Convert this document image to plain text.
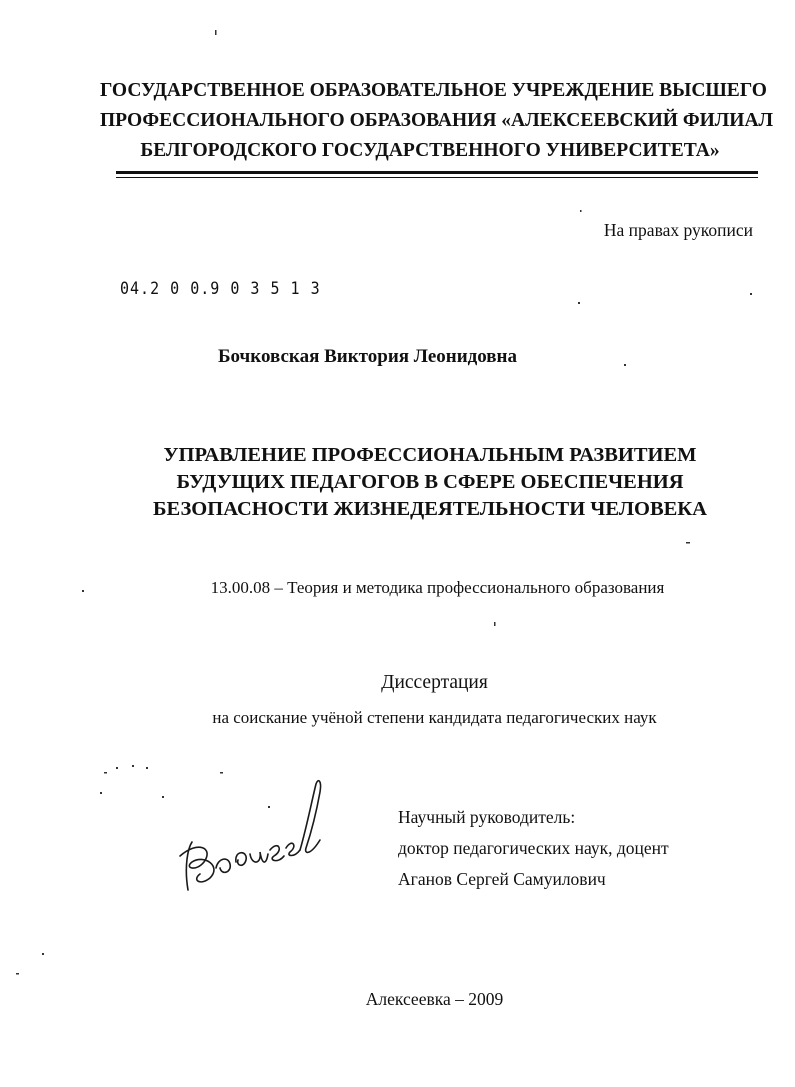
ГОСУДАРСТВЕННОЕ ОБРАЗОВАТЕЛЬНОЕ УЧРЕЖДЕНИЕ ВЫСШЕГО
ПРОФЕССИОНАЛЬНОГО ОБРАЗОВАНИЯ «АЛЕКСЕЕВСКИЙ ФИЛИАЛ
БЕЛГОРОДСКОГО ГОСУДАРСТВЕННОГО УНИВЕРСИТЕТА»
На правах рукописи
04.2 0 0.9 0 3 5 1 3
Бочковская Виктория Леонидовна
УПРАВЛЕНИЕ ПРОФЕССИОНАЛЬНЫМ РАЗВИТИЕМ
БУДУЩИХ ПЕДАГОГОВ В СФЕРЕ ОБЕСПЕЧЕНИЯ
БЕЗОПАСНОСТИ ЖИЗНЕДЕЯТЕЛЬНОСТИ ЧЕЛОВЕКА
13.00.08 – Теория и методика профессионального образования
Диссертация
на соискание учёной степени кандидата педагогических наук
Научный руководитель:
доктор педагогических наук, доцент
Аганов Сергей Самуилович
Алексеевка – 2009
